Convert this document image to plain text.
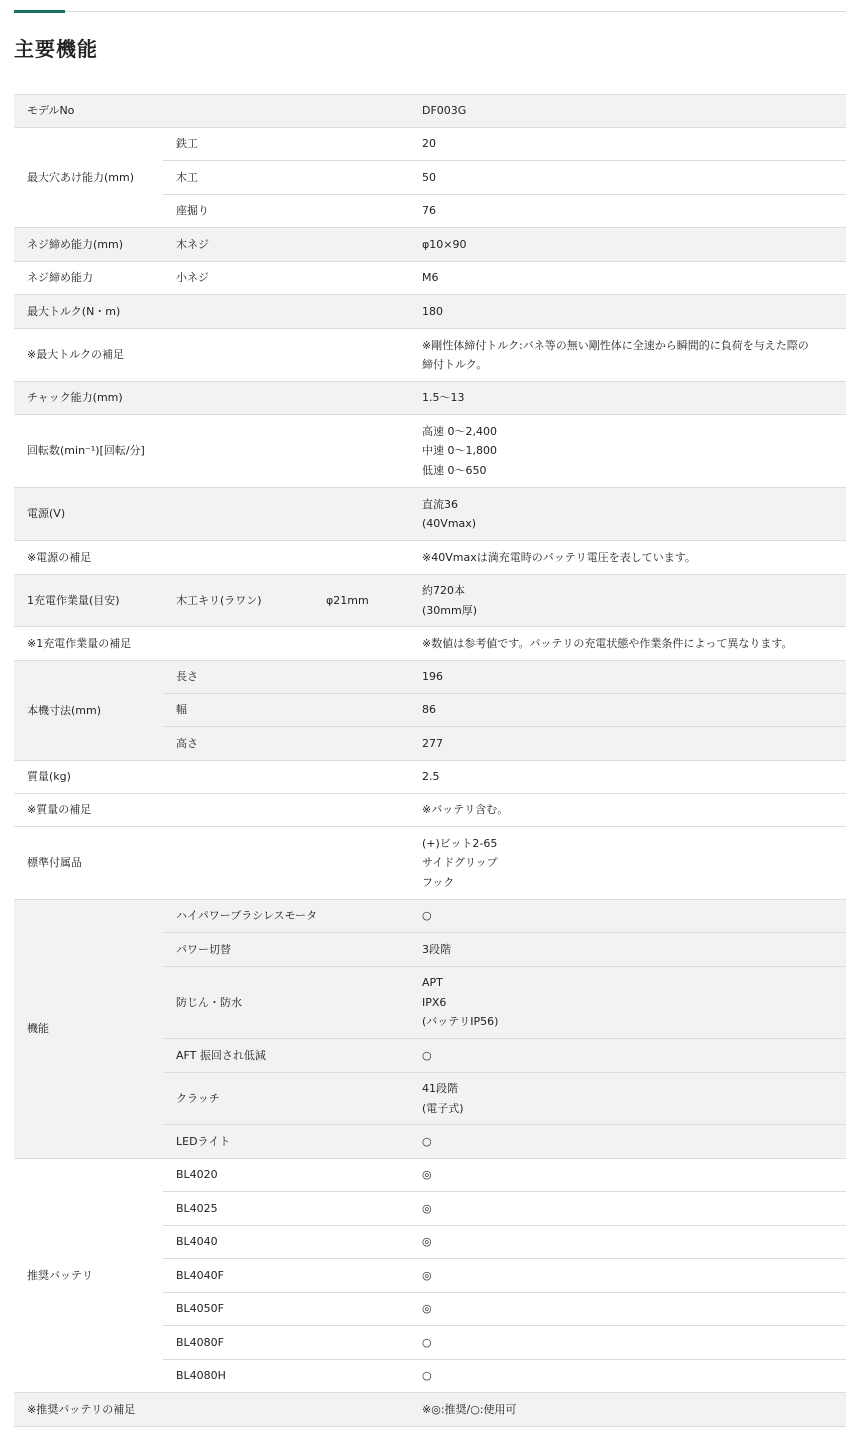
主要機能
モデルNo			DF003G
最大穴あけ能力(mm)	鉄工		20
	木工		50
	座掘り		76
ネジ締め能力(mm)	木ネジ		φ10×90
ネジ締め能力	小ネジ		M6
最大トルク(N・m)			180
※最大トルクの補足			※剛性体締付トルク:バネ等の無い剛性体に全速から瞬間的に負荷を与えた際の
締付トルク。

チャック能力(mm)			1.5～13
回転数(min⁻¹)[回転/分]			高速 0～2,400
中速 0～1,800
低速 0～650

電源(V)			直流36
(40Vmax)

※電源の補足			※40Vmaxは満充電時のバッテリ電圧を表しています。
1充電作業量(目安)	木工キリ(ラワン)	φ21mm	約720本
(30mm厚)

※1充電作業量の補足			※数値は参考値です。バッテリの充電状態や作業条件によって異なります。
本機寸法(mm)	長さ		196
	幅		86
	高さ		277
質量(kg)			2.5
※質量の補足			※バッテリ含む。
標準付属品			(+)ビット2-65
サイドグリップ
フック

機能	ハイパワーブラシレスモータ		○
	パワー切替		3段階
	防じん・防水		APT
IPX6
(バッテリIP56)

	AFT 振回され低減		○
	クラッチ		41段階
(電子式)

	LEDライト		○
推奨バッテリ	BL4020		◎
	BL4025		◎
	BL4040		◎
	BL4040F		◎
	BL4050F		◎
	BL4080F		○
	BL4080H		○
※推奨バッテリの補足			※◎:推奨/○:使用可
